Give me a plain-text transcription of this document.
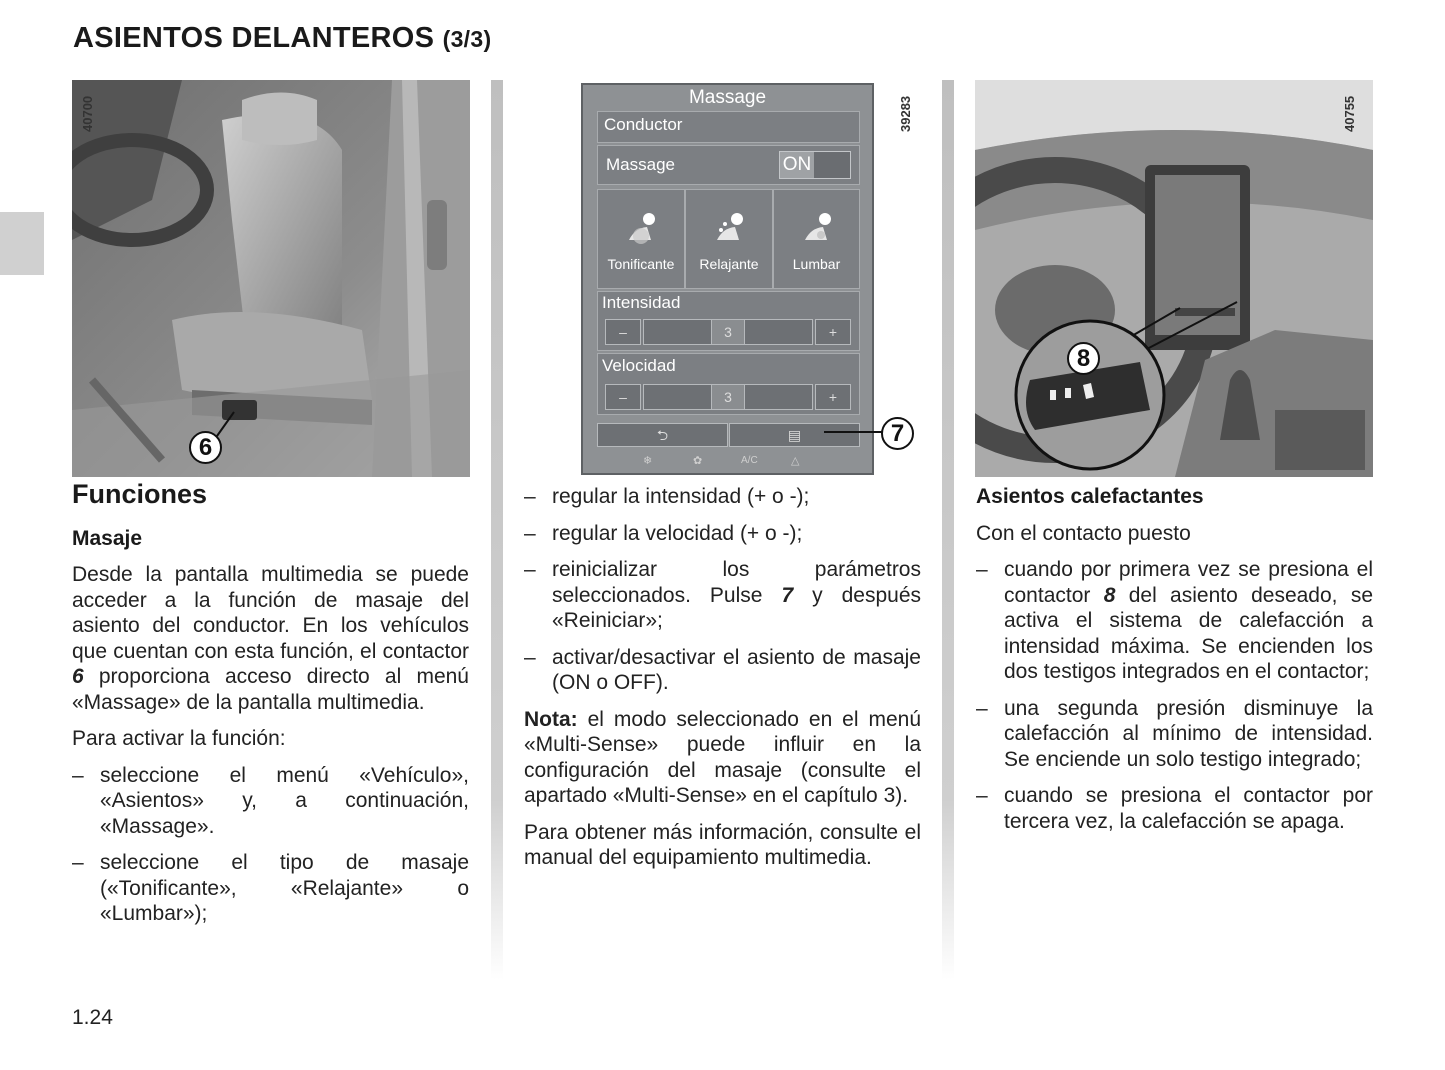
ASIENTOS DELANTEROS (3/3)
40700
6
Massage
Conductor
Massage	ON
Tonificante	Relajante	Lumbar
Intensidad
–	3	+
Velocidad
–	3	+
⮌	▤
❄	✿	A/C	△
39283
7
40755
8
Funciones
Masaje

Desde la pantalla multimedia se puede acceder a la función de masaje del asiento del conductor. En los vehículos que cuentan con esta función, el contactor 6 proporciona acceso directo al menú «Massage» de la pantalla multimedia.

Para activar la función:

– seleccione el menú «Vehículo», «Asientos» y, a continuación, «Massage».
– seleccione el tipo de masaje («Tonificante», «Relajante» o «Lumbar»);
– regular la intensidad (+ o -);
– regular la velocidad (+ o -);
– reinicializar los parámetros seleccionados. Pulse 7 y después «Reiniciar»;
– activar/desactivar el asiento de masaje (ON o OFF).

Nota: el modo seleccionado en el menú «Multi-Sense» puede influir en la configuración del masaje (consulte el apartado «Multi-Sense» en el capítulo 3).

Para obtener más información, consulte el manual del equipamiento multimedia.

Asientos calefactantes

Con el contacto puesto

– cuando por primera vez se presiona el contactor 8 del asiento deseado, se activa el sistema de calefacción a intensidad máxima. Se encienden los dos testigos integrados en el contactor;
– una segunda presión disminuye la calefacción al mínimo de intensidad. Se enciende un solo testigo integrado;
– cuando se presiona el contactor por tercera vez, la calefacción se apaga.
1.24
